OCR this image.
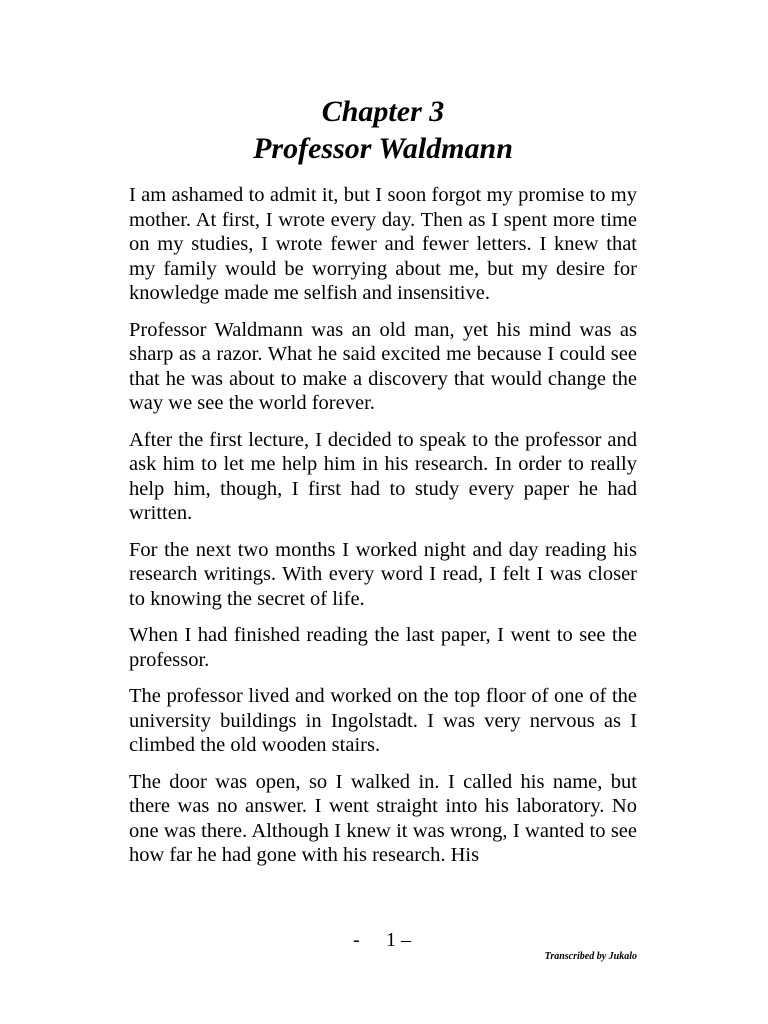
Chapter 3
Professor Waldmann

I am ashamed to admit it, but I soon forgot my promise to my mother. At first, I wrote every day. Then as I spent more time on my studies, I wrote fewer and fewer letters. I knew that my family would be worrying about me, but my desire for knowledge made me selfish and insensitive.

Professor Waldmann was an old man, yet his mind was as sharp as a razor. What he said excited me because I could see that he was about to make a discovery that would change the way we see the world forever.

After the first lecture, I decided to speak to the professor and ask him to let me help him in his research. In order to really help him, though, I first had to study every paper he had written.

For the next two months I worked night and day reading his research writings. With every word I read, I felt I was closer to knowing the secret of life.

When I had finished reading the last paper, I went to see the professor.

The professor lived and worked on the top floor of one of the university buildings in Ingolstadt. I was very nervous as I climbed the old wooden stairs.

The door was open, so I walked in. I called his name, but there was no answer. I went straight into his laboratory. No one was there. Although I knew it was wrong, I wanted to see how far he had gone with his research. His

- 1 –
Transcribed by Jukalo
